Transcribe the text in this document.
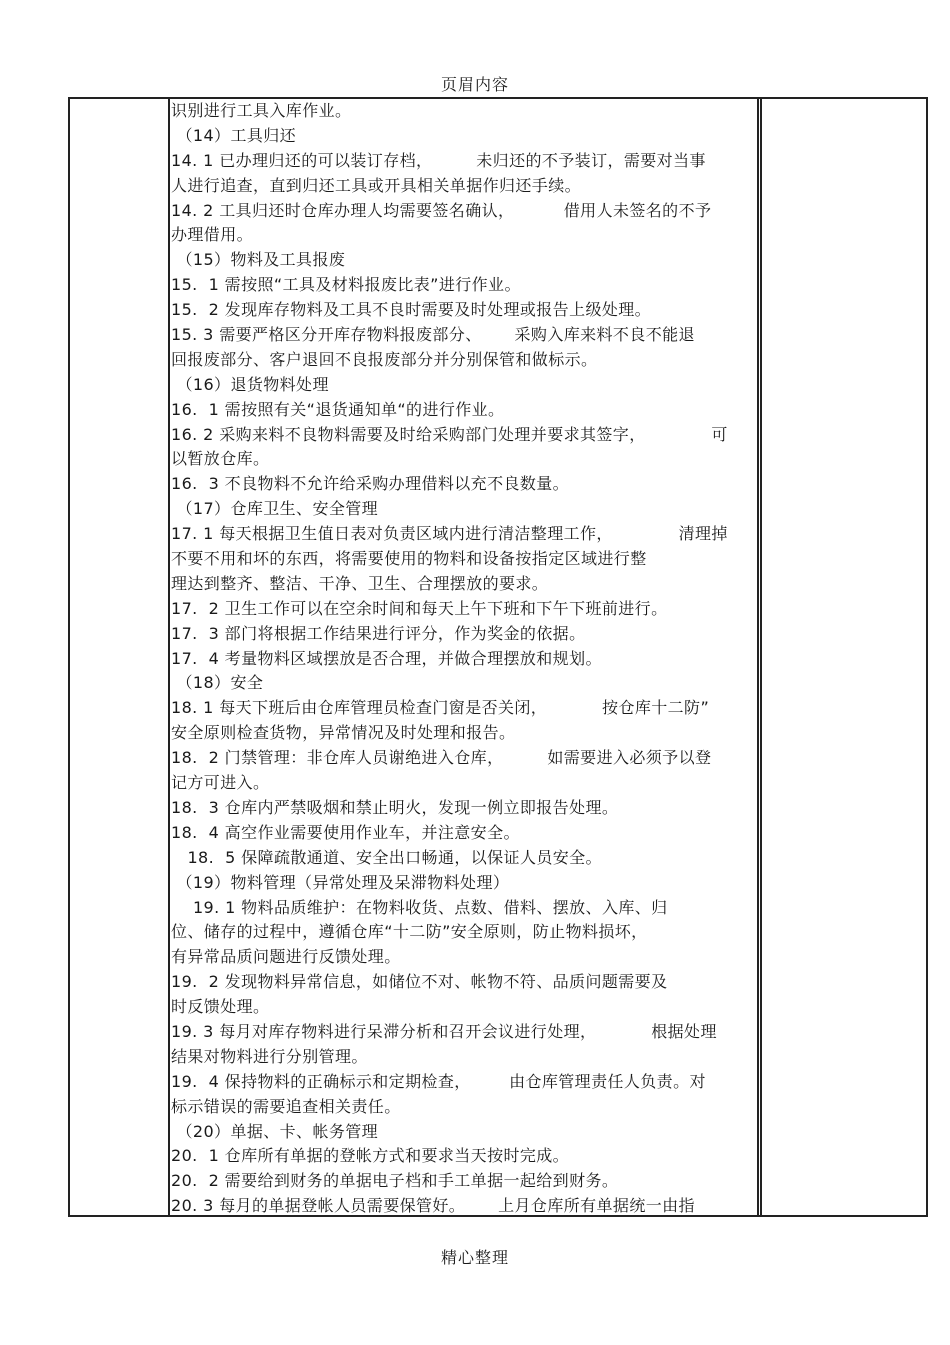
页眉内容
识别进行工具入库作业。
（14）工具归还
14. 1 已办理归还的可以装订存档，        未归还的不予装订，需要对当事
人进行追查，直到归还工具或开具相关单据作归还手续。
14. 2 工具归还时仓库办理人均需要签名确认，         借用人未签名的不予
办理借用。
（15）物料及工具报废
15.  1 需按照“工具及材料报废比表”进行作业。
15.  2 发现库存物料及工具不良时需要及时处理或报告上级处理。
15. 3 需要严格区分开库存物料报废部分、      采购入库来料不良不能退
回报废部分、客户退回不良报废部分并分别保管和做标示。
（16）退货物料处理
16.  1 需按照有关“退货通知单“的进行作业。
16. 2 采购来料不良物料需要及时给采购部门处理并要求其签字，            可
以暂放仓库。
16.  3 不良物料不允许给采购办理借料以充不良数量。
（17）仓库卫生、安全管理
17. 1 每天根据卫生值日表对负责区域内进行清洁整理工作，            清理掉
不要不用和坏的东西，将需要使用的物料和设备按指定区域进行整
理达到整齐、整洁、干净、卫生、合理摆放的要求。
17.  2 卫生工作可以在空余时间和每天上午下班和下午下班前进行。
17.  3 部门将根据工作结果进行评分，作为奖金的依据。
17.  4 考量物料区域摆放是否合理，并做合理摆放和规划。
（18）安全
18. 1 每天下班后由仓库管理员检查门窗是否关闭，          按仓库十二防”
安全原则检查货物，异常情况及时处理和报告。
18.  2 门禁管理：非仓库人员谢绝进入仓库，        如需要进入必须予以登
记方可进入。
18.  3 仓库内严禁吸烟和禁止明火，发现一例立即报告处理。
18.  4 高空作业需要使用作业车，并注意安全。
18.  5 保障疏散通道、安全出口畅通，以保证人员安全。
（19）物料管理（异常处理及呆滞物料处理）
19. 1 物料品质维护：在物料收货、点数、借料、摆放、入库、归
位、储存的过程中，遵循仓库“十二防”安全原则，防止物料损坏，
有异常品质问题进行反馈处理。
19.  2 发现物料异常信息，如储位不对、帐物不符、品质问题需要及
时反馈处理。
19. 3 每月对库存物料进行呆滞分析和召开会议进行处理，          根据处理
结果对物料进行分别管理。
19.  4 保持物料的正确标示和定期检查，       由仓库管理责任人负责。对
标示错误的需要追查相关责任。
（20）单据、卡、帐务管理
20.  1 仓库所有单据的登帐方式和要求当天按时完成。
20.  2 需要给到财务的单据电子档和手工单据一起给到财务。
20. 3 每月的单据登帐人员需要保管好。      上月仓库所有单据统一由指
精心整理
